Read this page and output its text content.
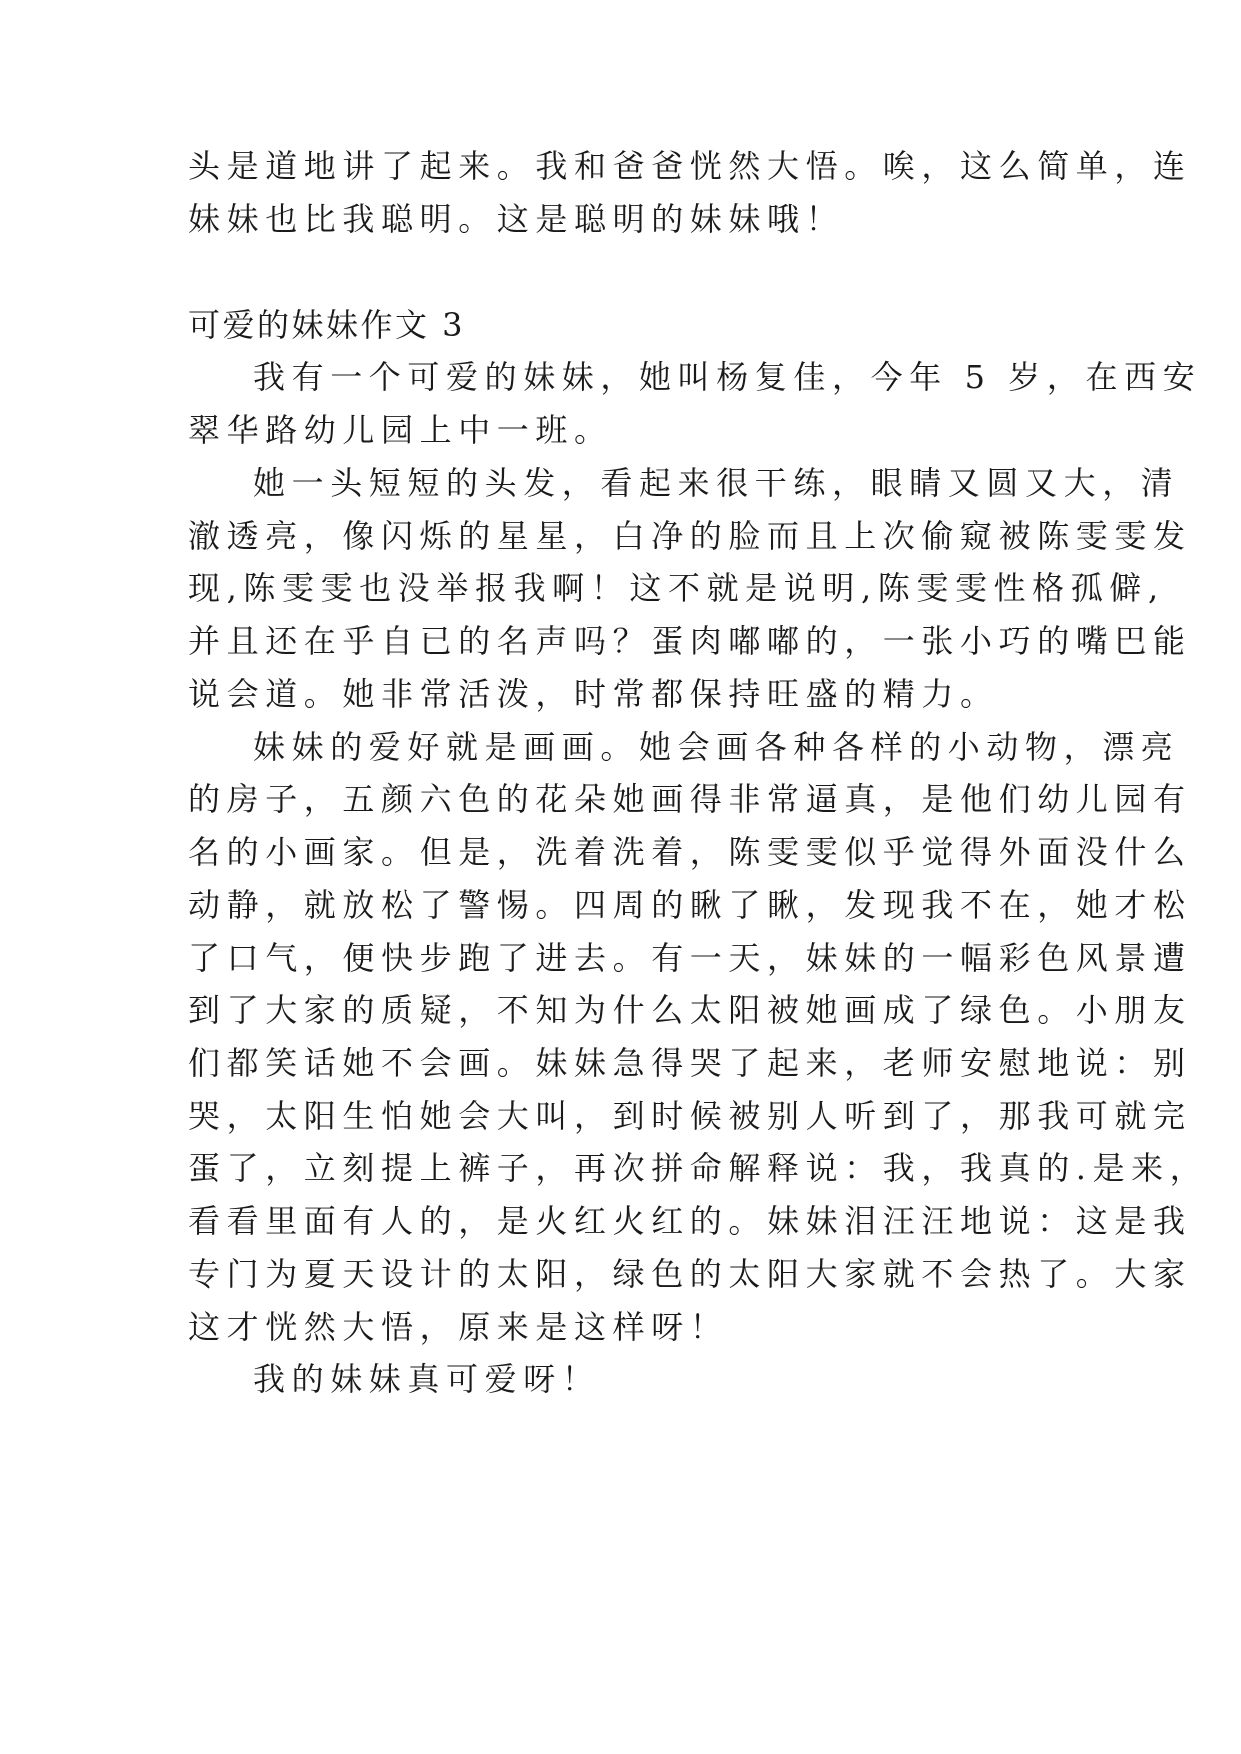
头是道地讲了起来。我和爸爸恍然大悟。唉，这么简单，连
妹妹也比我聪明。这是聪明的妹妹哦！
可爱的妹妹作文 3
我有一个可爱的妹妹，她叫杨复佳，今年 5 岁，在西安
翠华路幼儿园上中一班。
她一头短短的头发，看起来很干练，眼睛又圆又大，清
澈透亮，像闪烁的星星，白净的脸而且上次偷窥被陈雯雯发
现,陈雯雯也没举报我啊！这不就是说明,陈雯雯性格孤僻,
并且还在乎自已的名声吗？蛋肉嘟嘟的，一张小巧的嘴巴能
说会道。她非常活泼，时常都保持旺盛的精力。
妹妹的爱好就是画画。她会画各种各样的小动物，漂亮
的房子，五颜六色的花朵她画得非常逼真，是他们幼儿园有
名的小画家。但是，洗着洗着，陈雯雯似乎觉得外面没什么
动静，就放松了警惕。四周的瞅了瞅，发现我不在，她才松
了口气，便快步跑了进去。有一天，妹妹的一幅彩色风景遭
到了大家的质疑，不知为什么太阳被她画成了绿色。小朋友
们都笑话她不会画。妹妹急得哭了起来，老师安慰地说：别
哭，太阳生怕她会大叫，到时候被别人听到了，那我可就完
蛋了，立刻提上裤子，再次拼命解释说：我，我真的.是来，
看看里面有人的，是火红火红的。妹妹泪汪汪地说：这是我
专门为夏天设计的太阳，绿色的太阳大家就不会热了。大家
这才恍然大悟，原来是这样呀！
我的妹妹真可爱呀！
